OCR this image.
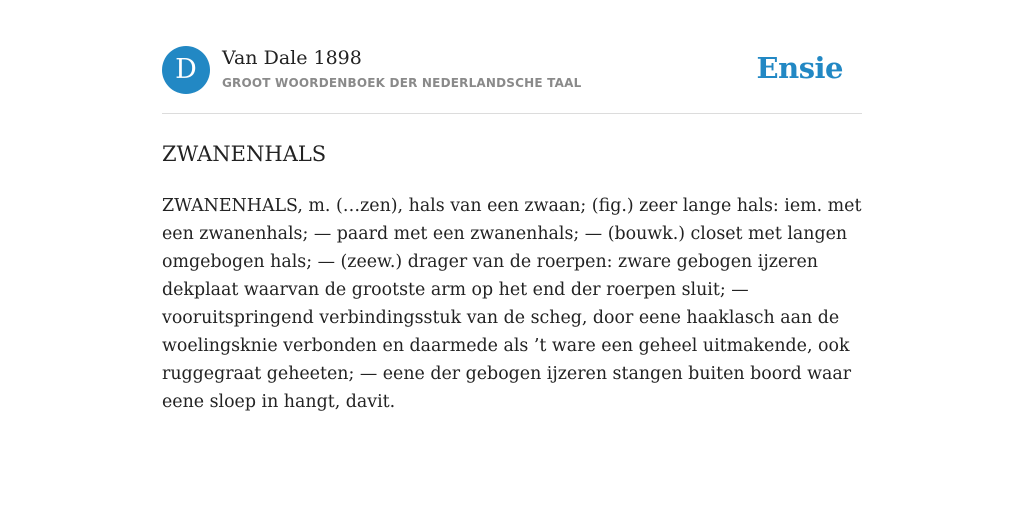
D	Van Dale 1898
GROOT WOORDENBOEK DER NEDERLANDSCHE TAAL	Ensie
ZWANENHALS
ZWANENHALS, m. (…zen), hals van een zwaan; (fig.) zeer lange hals: iem. met een zwanenhals; — paard met een zwanenhals; — (bouwk.) closet met langen omgebogen hals; — (zeew.) drager van de roerpen: zware gebogen ijzeren dekplaat waarvan de grootste arm op het end der roerpen sluit; — vooruitspringend verbindingsstuk van de scheg, door eene haaklasch aan de woelingsknie verbonden en daarmede als ’t ware een geheel uitmakende, ook ruggegraat geheeten; — eene der gebogen ijzeren stangen buiten boord waar eene sloep in hangt, davit.
